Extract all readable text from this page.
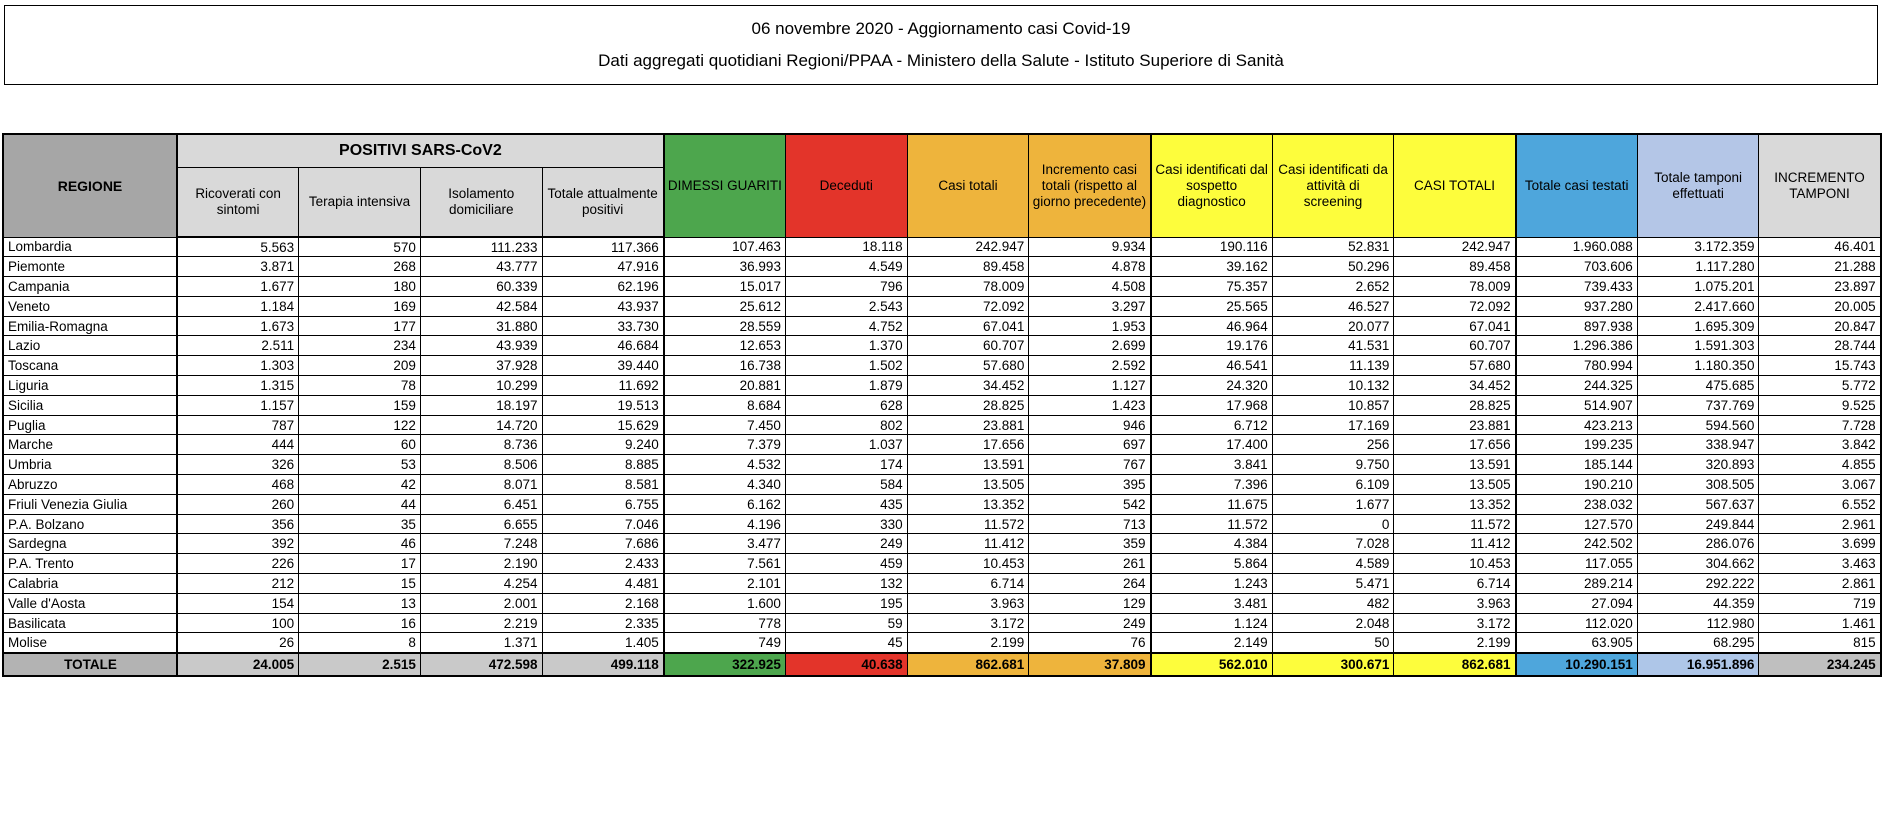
06 novembre 2020 - Aggiornamento casi Covid-19

Dati aggregati quotidiani Regioni/PPAA - Ministero della Salute - Istituto Superiore di Sanità

REGIONE	POSITIVI SARS-CoV2				DIMESSI GUARITI	Deceduti	Casi totali	Incremento casi totali (rispetto al giorno precedente)	Casi identificati dal sospetto diagnostico	Casi identificati da attività di screening	CASI TOTALI	Totale casi testati	Totale tamponi effettuati	INCREMENTO TAMPONI
	Ricoverati con sintomi	Terapia intensiva	Isolamento domiciliare	Totale attualmente positivi										
Lombardia	5.563	570	111.233	117.366	107.463	18.118	242.947	9.934	190.116	52.831	242.947	1.960.088	3.172.359	46.401
Piemonte	3.871	268	43.777	47.916	36.993	4.549	89.458	4.878	39.162	50.296	89.458	703.606	1.117.280	21.288
Campania	1.677	180	60.339	62.196	15.017	796	78.009	4.508	75.357	2.652	78.009	739.433	1.075.201	23.897
Veneto	1.184	169	42.584	43.937	25.612	2.543	72.092	3.297	25.565	46.527	72.092	937.280	2.417.660	20.005
Emilia-Romagna	1.673	177	31.880	33.730	28.559	4.752	67.041	1.953	46.964	20.077	67.041	897.938	1.695.309	20.847
Lazio	2.511	234	43.939	46.684	12.653	1.370	60.707	2.699	19.176	41.531	60.707	1.296.386	1.591.303	28.744
Toscana	1.303	209	37.928	39.440	16.738	1.502	57.680	2.592	46.541	11.139	57.680	780.994	1.180.350	15.743
Liguria	1.315	78	10.299	11.692	20.881	1.879	34.452	1.127	24.320	10.132	34.452	244.325	475.685	5.772
Sicilia	1.157	159	18.197	19.513	8.684	628	28.825	1.423	17.968	10.857	28.825	514.907	737.769	9.525
Puglia	787	122	14.720	15.629	7.450	802	23.881	946	6.712	17.169	23.881	423.213	594.560	7.728
Marche	444	60	8.736	9.240	7.379	1.037	17.656	697	17.400	256	17.656	199.235	338.947	3.842
Umbria	326	53	8.506	8.885	4.532	174	13.591	767	3.841	9.750	13.591	185.144	320.893	4.855
Abruzzo	468	42	8.071	8.581	4.340	584	13.505	395	7.396	6.109	13.505	190.210	308.505	3.067
Friuli Venezia Giulia	260	44	6.451	6.755	6.162	435	13.352	542	11.675	1.677	13.352	238.032	567.637	6.552
P.A. Bolzano	356	35	6.655	7.046	4.196	330	11.572	713	11.572	0	11.572	127.570	249.844	2.961
Sardegna	392	46	7.248	7.686	3.477	249	11.412	359	4.384	7.028	11.412	242.502	286.076	3.699
P.A. Trento	226	17	2.190	2.433	7.561	459	10.453	261	5.864	4.589	10.453	117.055	304.662	3.463
Calabria	212	15	4.254	4.481	2.101	132	6.714	264	1.243	5.471	6.714	289.214	292.222	2.861
Valle d'Aosta	154	13	2.001	2.168	1.600	195	3.963	129	3.481	482	3.963	27.094	44.359	719
Basilicata	100	16	2.219	2.335	778	59	3.172	249	1.124	2.048	3.172	112.020	112.980	1.461
Molise	26	8	1.371	1.405	749	45	2.199	76	2.149	50	2.199	63.905	68.295	815
TOTALE	24.005	2.515	472.598	499.118	322.925	40.638	862.681	37.809	562.010	300.671	862.681	10.290.151	16.951.896	234.245
